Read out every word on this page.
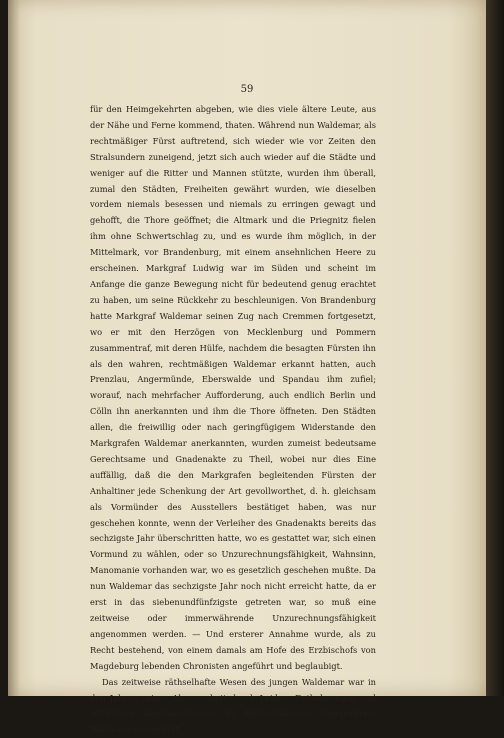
59

für den Heimgekehrten abgeben, wie dies viele ältere Leute, aus der Nähe und Ferne kommend, thaten. Während nun Waldemar, als rechtmäßiger Fürst auftretend, sich wieder wie vor Zeiten den Stralsundern zuneigend, jetzt sich auch wieder auf die Städte und weniger auf die Ritter und Mannen stützte, wurden ihm überall, zumal den Städten, Freiheiten gewährt wurden, wie dieselben vordem niemals besessen und niemals zu erringen gewagt und gehofft, die Thore geöffnet; die Altmark und die Priegnitz fielen ihm ohne Schwertschlag zu, und es wurde ihm möglich, in der Mittelmark, vor Brandenburg, mit einem ansehnlichen Heere zu erscheinen. Markgraf Ludwig war im Süden und scheint im Anfange die ganze Bewegung nicht für bedeutend genug erachtet zu haben, um seine Rückkehr zu beschleunigen. Von Brandenburg hatte Markgraf Waldemar seinen Zug nach Cremmen fortgesetzt, wo er mit den Herzögen von Mecklenburg und Pommern zusammentraf, mit deren Hülfe, nachdem die besagten Fürsten ihn als den wahren, rechtmäßigen Waldemar erkannt hatten, auch Prenzlau, Angermünde, Eberswalde und Spandau ihm zufiel; worauf, nach mehrfacher Aufforderung, auch endlich Berlin und Cölln ihn anerkannten und ihm die Thore öffneten. Den Städten allen, die freiwillig oder nach geringfügigem Widerstande den Markgrafen Waldemar anerkannten, wurden zumeist bedeutsame Gerechtsame und Gnadenakte zu Theil, wobei nur dies Eine auffällig, daß die den Markgrafen begleitenden Fürsten der Anhaltiner jede Schenkung der Art gevollworthet, d. h. gleichsam als Vormünder des Ausstellers bestätiget haben, was nur geschehen konnte, wenn der Verleiher des Gnadenakts bereits das sechzigste Jahr überschritten hatte, wo es gestattet war, sich einen Vormund zu wählen, oder so Unzurechnungsfähigkeit, Wahnsinn, Manomanie vorhanden war, wo es gesetzlich geschehen mußte. Da nun Waldemar das sechzigste Jahr noch nicht erreicht hatte, da er erst in das siebenundfünfzigste getreten war, so muß eine zeitweise oder immerwährende Unzurechnungsfähigkeit angenommen werden. — Und ersterer Annahme wurde, als zu Recht bestehend, von einem damals am Hofe des Erzbischofs von Magdeburg lebenden Chronisten angeführt und beglaubigt.

Das zeitweise räthselhafte Wesen des jungen Waldemar war in den Jahren seiner Abwesenheit durch Leiden, Entbehrungen und zeitweisen Gewissensbissen zu Hallucinationen, temporärem Wahnsinn ausgeartet.
